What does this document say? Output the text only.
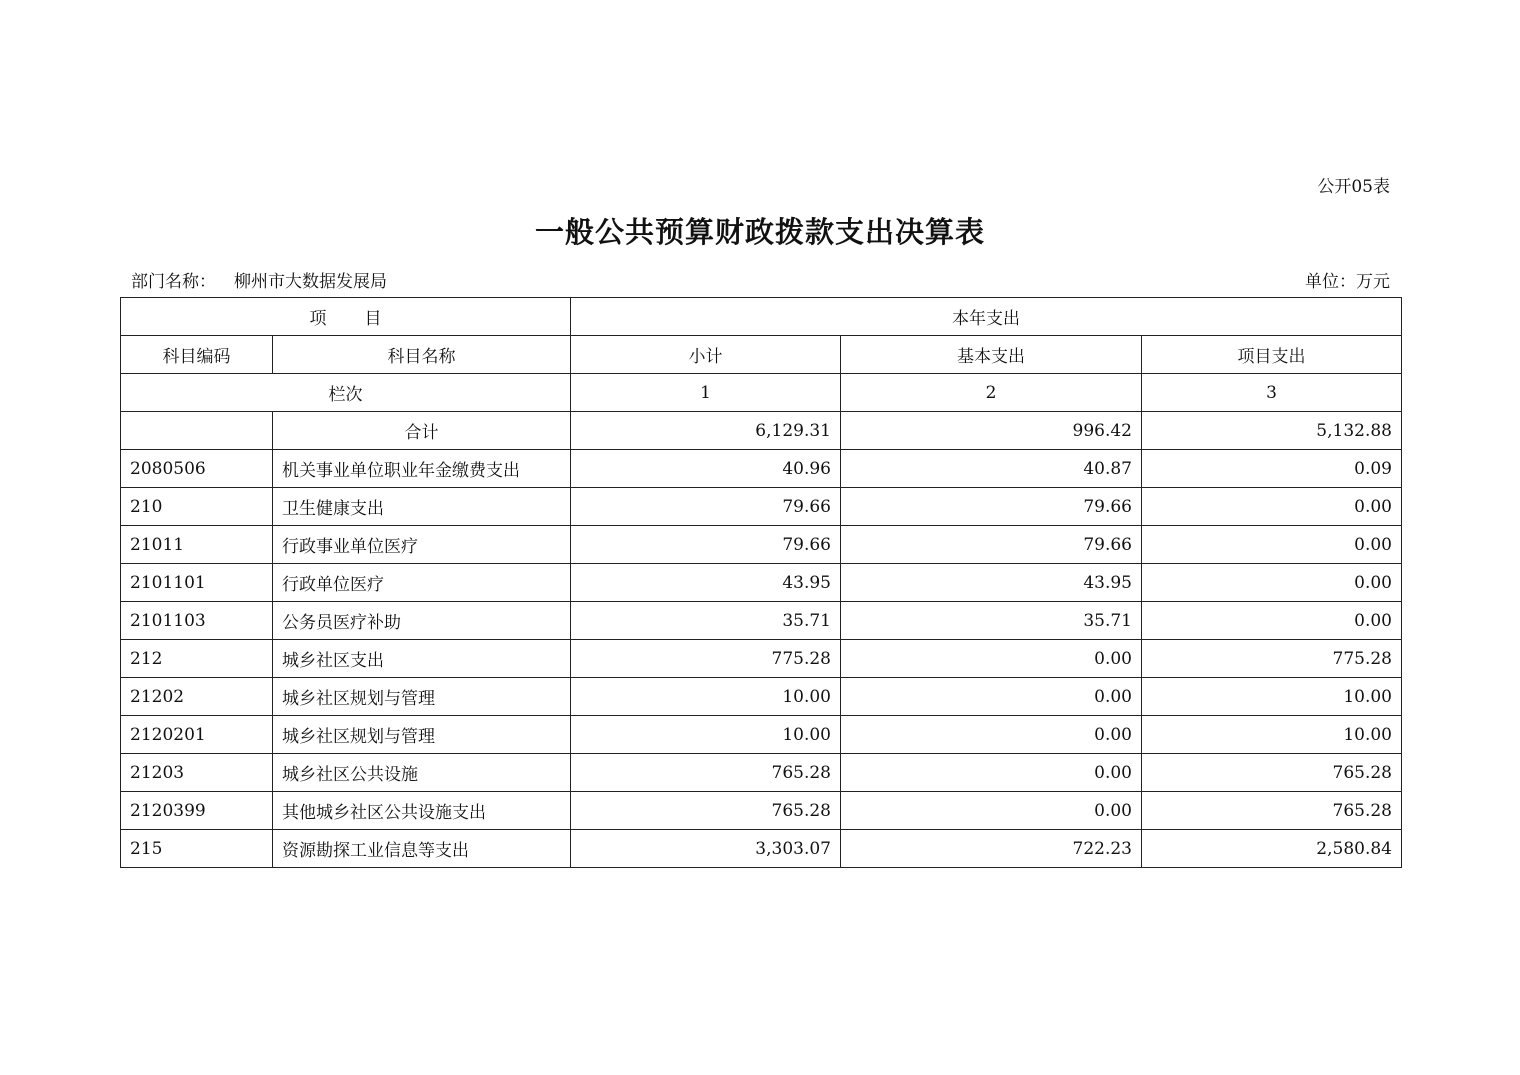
公开05表
一般公共预算财政拨款支出决算表
部门名称： 柳州市大数据发展局	单位：万元
项 目		本年支出		
科目编码	科目名称	小计	基本支出	项目支出
栏次		1	2	3
	合计	6,129.31	996.42	5,132.88
2080506	机关事业单位职业年金缴费支出	40.96	40.87	0.09
210	卫生健康支出	79.66	79.66	0.00
21011	行政事业单位医疗	79.66	79.66	0.00
2101101	行政单位医疗	43.95	43.95	0.00
2101103	公务员医疗补助	35.71	35.71	0.00
212	城乡社区支出	775.28	0.00	775.28
21202	城乡社区规划与管理	10.00	0.00	10.00
2120201	城乡社区规划与管理	10.00	0.00	10.00
21203	城乡社区公共设施	765.28	0.00	765.28
2120399	其他城乡社区公共设施支出	765.28	0.00	765.28
215	资源勘探工业信息等支出	3,303.07	722.23	2,580.84
